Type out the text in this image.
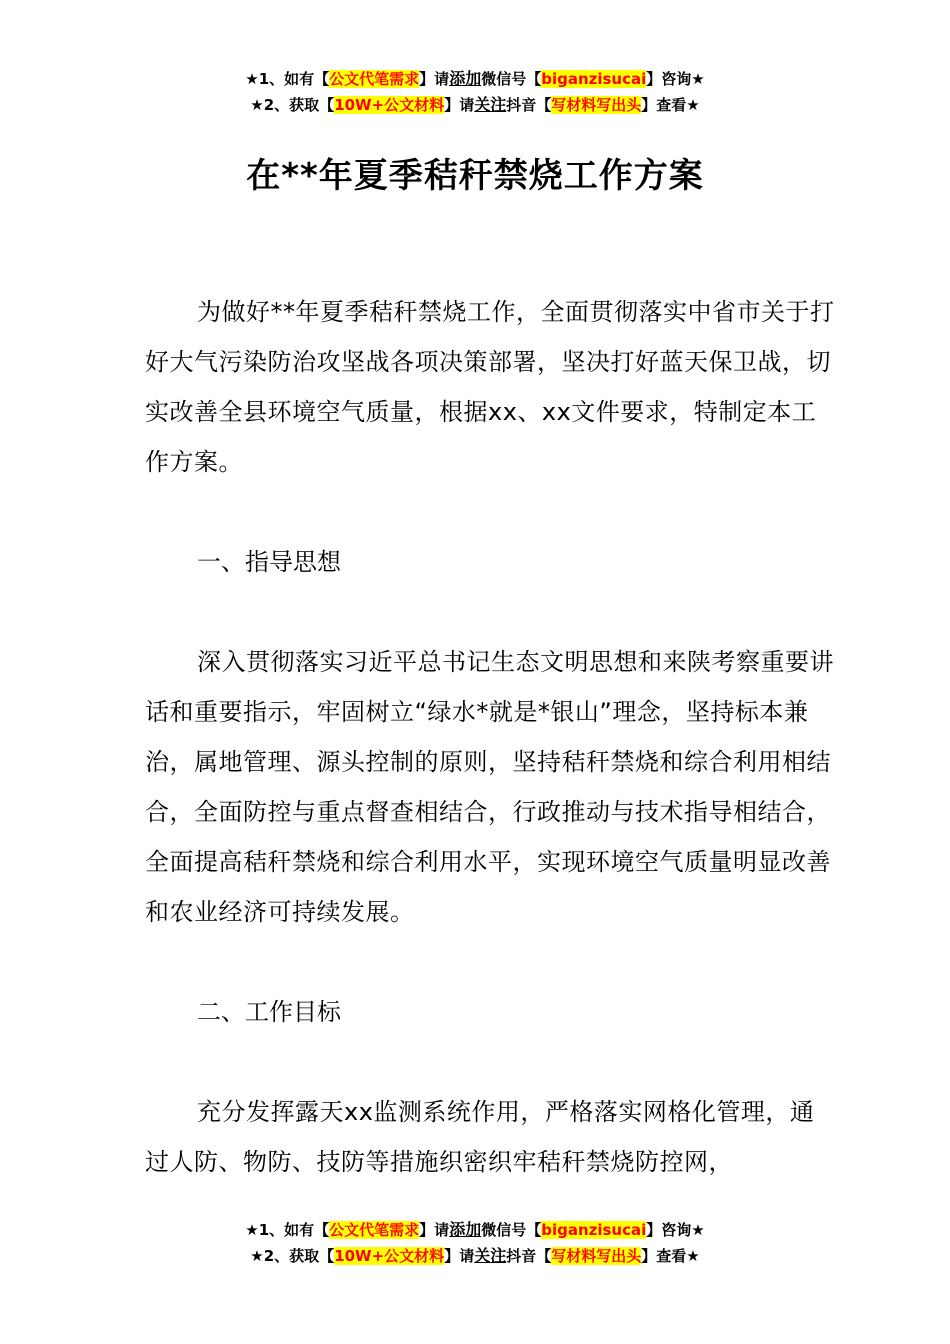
★1、如有【公文代笔需求】请添加微信号【biganzisucai】咨询★
★2、获取【10W+公文材料】请关注抖音【写材料写出头】查看★
在**年夏季秸秆禁烧工作方案

为做好**年夏季秸秆禁烧工作，全面贯彻落实中省市关于打好大气污染防治攻坚战各项决策部署，坚决打好蓝天保卫战，切实改善全县环境空气质量，根据xx、xx文件要求，特制定本工作方案。

一、指导思想

深入贯彻落实习近平总书记生态文明思想和来陕考察重要讲话和重要指示，牢固树立“绿水*就是*银山”理念，坚持标本兼治，属地管理、源头控制的原则，坚持秸秆禁烧和综合利用相结合，全面防控与重点督查相结合，行政推动与技术指导相结合，全面提高秸秆禁烧和综合利用水平，实现环境空气质量明显改善和农业经济可持续发展。

二、工作目标

充分发挥露天xx监测系统作用，严格落实网格化管理，通过人防、物防、技防等措施织密织牢秸秆禁烧防控网，

★1、如有【公文代笔需求】请添加微信号【biganzisucai】咨询★
★2、获取【10W+公文材料】请关注抖音【写材料写出头】查看★
